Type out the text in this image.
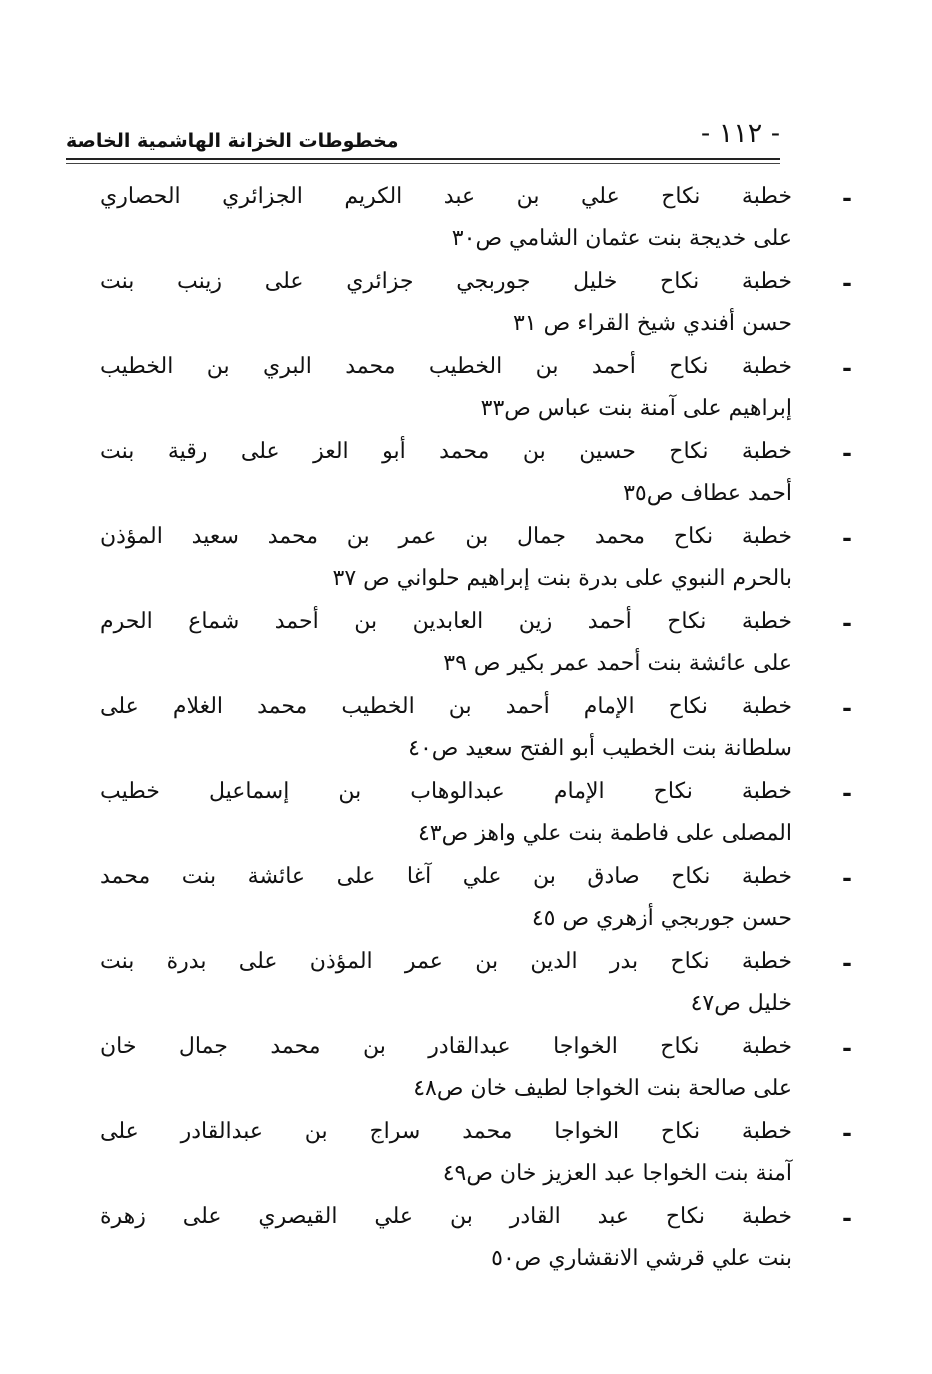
- ١١٢ -
مخطوطات الخزانة الهاشمية الخاصة
-
خطبة نكاح علي بن عبد الكريم الجزائري الحصاري
على خديجة بنت عثمان الشامي ص٣٠
-
خطبة نكاح خليل جوربجي جزائري على زينب بنت
حسن أفندي شيخ القراء ص ٣١
-
خطبة نكاح أحمد بن الخطيب محمد البري بن الخطيب
إبراهيم على آمنة بنت عباس ص٣٣
-
خطبة نكاح حسين بن محمد أبو العز على رقية بنت
أحمد عطاف ص٣٥
-
خطبة نكاح محمد جمال بن عمر بن محمد سعيد المؤذن
بالحرم النبوي على بدرة بنت إبراهيم حلواني ص ٣٧
-
خطبة نكاح أحمد زين العابدين بن أحمد شماع الحرم
على عائشة بنت أحمد عمر بكير ص ٣٩
-
خطبة نكاح الإمام أحمد بن الخطيب محمد الغلام على
سلطانة بنت الخطيب أبو الفتح سعيد ص٤٠
-
خطبة نكاح الإمام عبدالوهاب بن إسماعيل خطيب
المصلى على فاطمة بنت علي واهز ص٤٣
-
خطبة نكاح صادق بن علي آغا على عائشة بنت محمد
حسن جوربجي أزهري ص ٤٥
-
خطبة نكاح بدر الدين بن عمر المؤذن على بدرة بنت
خليل ص٤٧
-
خطبة نكاح الخواجا عبدالقادر بن محمد جمال خان
على صالحة بنت الخواجا لطيف خان ص٤٨
-
خطبة نكاح الخواجا محمد سراج بن عبدالقادر على
آمنة بنت الخواجا عبد العزيز خان ص٤٩
-
خطبة نكاح عبد القادر بن علي القيصري على زهرة
بنت علي قرشي الانقشاري ص٥٠
